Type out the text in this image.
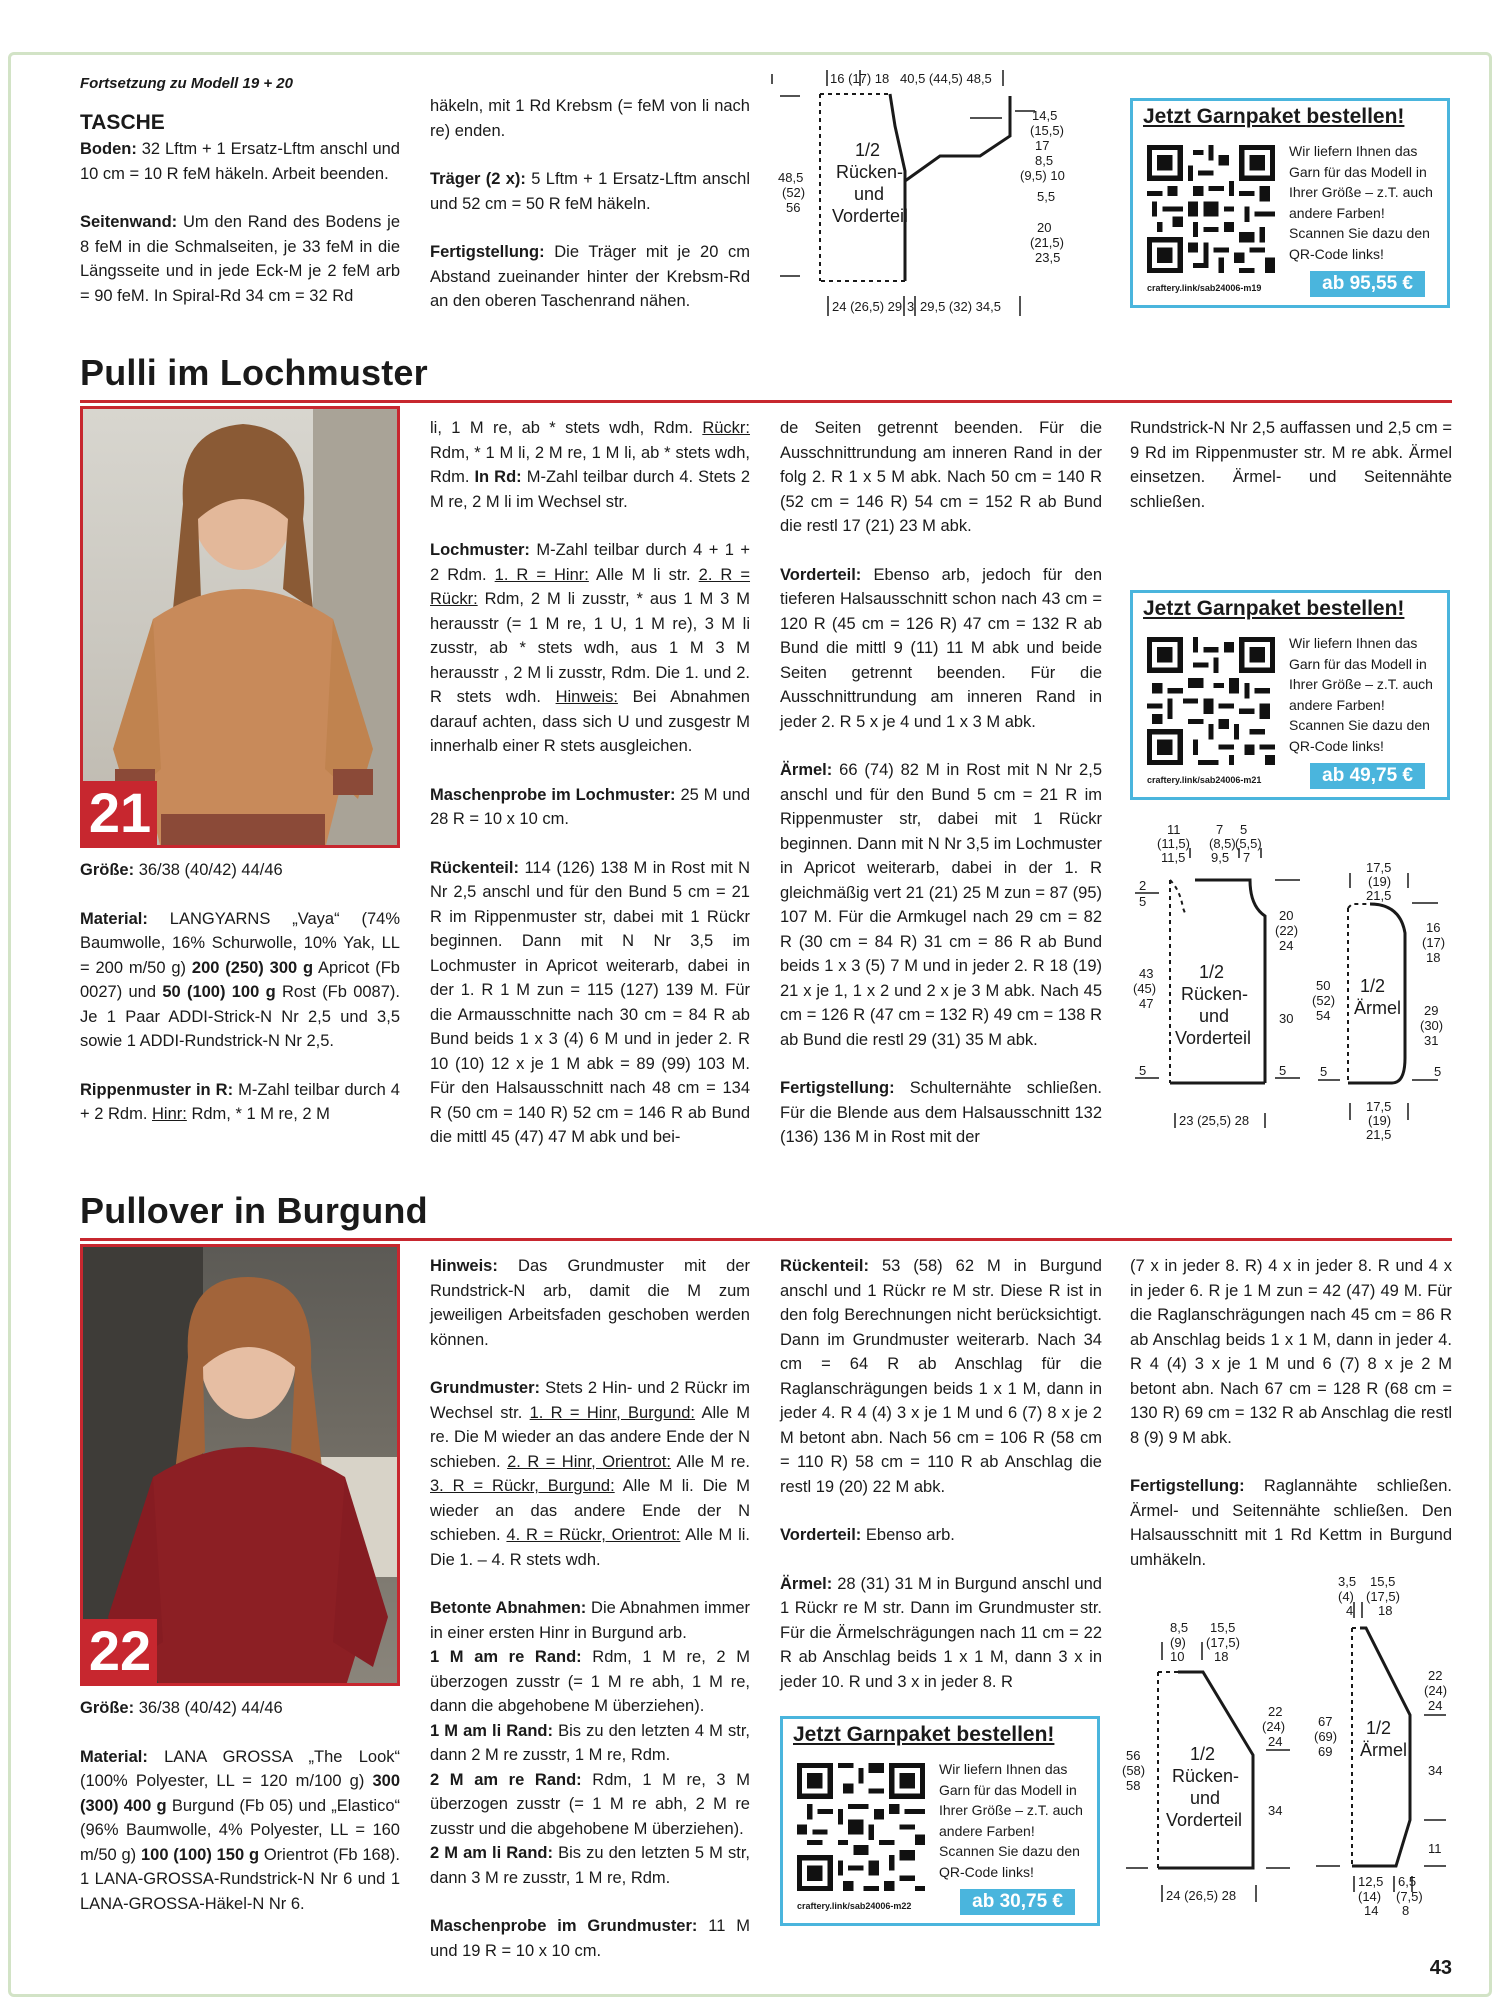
Fortsetzung zu Modell 19 + 20
TASCHE

Boden: 32 Lftm + 1 Ersatz-Lftm anschl und 10 cm = 10 R feM häkeln. Arbeit beenden.

Seitenwand: Um den Rand des Bodens je 8 feM in die Schmalseiten, je 33 feM in die Längsseite und in jede Eck-M je 2 feM arb = 90 feM. In Spiral-Rd 34 cm = 32 Rd

häkeln, mit 1 Rd Krebsm (= feM von li nach re) enden.

Träger (2 x): 5 Lftm + 1 Ersatz-Lftm anschl und 52 cm = 50 R feM häkeln.

Fertigstellung: Die Träger mit je 20 cm Abstand zueinander hinter der Krebsm-Rd an den oberen Taschenrand nähen.

16 (17) 18 40,5 (44,5) 48,5
48,5
(52)
56
1/2
Rücken-
und
Vorderteil
14,5
(15,5)
17
8,5
(9,5) 10
5,5
20
(21,5)
23,5
24 (26,5) 29 3 29,5 (32) 34,5
Jetzt Garnpaket bestellen!
Wir liefern Ihnen das Garn für das Modell in Ihrer Größe – z.T. auch andere Farben! Scannen Sie dazu den QR-Code links!
craftery.link/sab24006-m19	ab 95,55 €
Pulli im Lochmuster
21

Größe: 36/38 (40/42) 44/46

Material: LANGYARNS „Vaya“ (74% Baumwolle, 16% Schurwolle, 10% Yak, LL = 200 m/50 g) 200 (250) 300 g Apricot (Fb 0027) und 50 (100) 100 g Rost (Fb 0087). Je 1 Paar ADDI-Strick-N Nr 2,5 und 3,5 sowie 1 ADDI-Rundstrick-N Nr 2,5.

Rippenmuster in R: M-Zahl teilbar durch 4 + 2 Rdm. Hinr: Rdm, * 1 M re, 2 M

li, 1 M re, ab * stets wdh, Rdm. Rückr: Rdm, * 1 M li, 2 M re, 1 M li, ab * stets wdh, Rdm. In Rd: M-Zahl teilbar durch 4. Stets 2 M re, 2 M li im Wechsel str.

Lochmuster: M-Zahl teilbar durch 4 + 1 + 2 Rdm. 1. R = Hinr: Alle M li str. 2. R = Rückr: Rdm, 2 M li zusstr, * aus 1 M 3 M herausstr (= 1 M re, 1 U, 1 M re), 3 M li zusstr, ab * stets wdh, aus 1 M 3 M herausstr , 2 M li zusstr, Rdm. Die 1. und 2. R stets wdh. Hinweis: Bei Abnahmen darauf achten, dass sich U und zusgestr M innerhalb einer R stets ausgleichen.

Maschenprobe im Lochmuster: 25 M und 28 R = 10 x 10 cm.

Rückenteil: 114 (126) 138 M in Rost mit N Nr 2,5 anschl und für den Bund 5 cm = 21 R im Rippenmuster str, dabei mit 1 Rückr beginnen. Dann mit N Nr 3,5 im Lochmuster in Apricot weiterarb, dabei in der 1. R 1 M zun = 115 (127) 139 M. Für die Armausschnitte nach 30 cm = 84 R ab Bund beids 1 x 3 (4) 6 M und in jeder 2. R 10 (10) 12 x je 1 M abk = 89 (99) 103 M. Für den Halsausschnitt nach 48 cm = 134 R (50 cm = 140 R) 52 cm = 146 R ab Bund die mittl 45 (47) 47 M abk und bei-

de Seiten getrennt beenden. Für die Ausschnittrundung am inneren Rand in der folg 2. R 1 x 5 M abk. Nach 50 cm = 140 R (52 cm = 146 R) 54 cm = 152 R ab Bund die restl 17 (21) 23 M abk.

Vorderteil: Ebenso arb, jedoch für den tieferen Halsausschnitt schon nach 43 cm = 120 R (45 cm = 126 R) 47 cm = 132 R ab Bund die mittl 9 (11) 11 M abk und beide Seiten getrennt beenden. Für die Ausschnittrundung am inneren Rand in jeder 2. R 5 x je 4 und 1 x 3 M abk.

Ärmel: 66 (74) 82 M in Rost mit N Nr 2,5 anschl und für den Bund 5 cm = 21 R im Rippenmuster str, dabei mit 1 Rückr beginnen. Dann mit N Nr 3,5 im Lochmuster in Apricot weiterarb, dabei in der 1. R gleichmäßig vert 21 (21) 25 M zun = 87 (95) 107 M. Für die Armkugel nach 29 cm = 82 R (30 cm = 84 R) 31 cm = 86 R ab Bund beids 1 x 3 (5) 7 M und in jeder 2. R 18 (19) 21 x je 1, 1 x 2 und 2 x je 3 M abk. Nach 45 cm = 126 R (47 cm = 132 R) 49 cm = 138 R ab Bund die restl 29 (31) 35 M abk.

Fertigstellung: Schulternähte schließen. Für die Blende aus dem Halsausschnitt 132 (136) 136 M in Rost mit der

Rundstrick-N Nr 2,5 auffassen und 2,5 cm = 9 Rd im Rippenmuster str. M re abk. Ärmel einsetzen. Ärmel- und Seitennähte schließen.

Jetzt Garnpaket bestellen!
Wir liefern Ihnen das Garn für das Modell in Ihrer Größe – z.T. auch andere Farben! Scannen Sie dazu den QR-Code links!
craftery.link/sab24006-m21	ab 49,75 €
11
(11,5)
11,5
7
(8,5)
9,5
5
(5,5)
7
2
5
43
(45)
47
5
1/2
Rücken-
und
Vorderteil
20
(22)
24
30
5
23 (25,5) 28
17,5
(19)
21,5
50
(52)
54
1/2
Ärmel
16
(17)
18
29
(30)
31
5	5
17,5
(19)
21,5
Pullover in Burgund
22

Größe: 36/38 (40/42) 44/46

Material: LANA GROSSA „The Look“ (100% Polyester, LL = 120 m/100 g) 300 (300) 400 g Burgund (Fb 05) und „Elastico“ (96% Baumwolle, 4% Polyester, LL = 160 m/50 g) 100 (100) 150 g Orientrot (Fb 168). 1 LANA-GROSSA-Rundstrick-N Nr 6 und 1 LANA-GROSSA-Häkel-N Nr 6.

Hinweis: Das Grundmuster mit der Rundstrick-N arb, damit die M zum jeweiligen Arbeitsfaden geschoben werden können.

Grundmuster: Stets 2 Hin- und 2 Rückr im Wechsel str. 1. R = Hinr, Burgund: Alle M re. Die M wieder an das andere Ende der N schieben. 2. R = Hinr, Orientrot: Alle M re. 3. R = Rückr, Burgund: Alle M li. Die M wieder an das andere Ende der N schieben. 4. R = Rückr, Orientrot: Alle M li. Die 1. – 4. R stets wdh.

Betonte Abnahmen: Die Abnahmen immer in einer ersten Hinr in Burgund arb.

1 M am re Rand: Rdm, 1 M re, 2 M überzogen zusstr (= 1 M re abh, 1 M re, dann die abgehobene M überziehen).

1 M am li Rand: Bis zu den letzten 4 M str, dann 2 M re zusstr, 1 M re, Rdm.

2 M am re Rand: Rdm, 1 M re, 3 M überzogen zusstr (= 1 M re abh, 2 M re zusstr und die abgehobene M überziehen).

2 M am li Rand: Bis zu den letzten 5 M str, dann 3 M re zusstr, 1 M re, Rdm.

Maschenprobe im Grundmuster: 11 M und 19 R = 10 x 10 cm.

Rückenteil: 53 (58) 62 M in Burgund anschl und 1 Rückr re M str. Diese R ist in den folg Berechnungen nicht berücksichtigt. Dann im Grundmuster weiterarb. Nach 34 cm = 64 R ab Anschlag für die Raglanschrägungen beids 1 x 1 M, dann in jeder 4. R 4 (4) 3 x je 1 M und 6 (7) 8 x je 2 M betont abn. Nach 56 cm = 106 R (58 cm = 110 R) 58 cm = 110 R ab Anschlag die restl 19 (20) 22 M abk.

Vorderteil: Ebenso arb.

Ärmel: 28 (31) 31 M in Burgund anschl und 1 Rückr re M str. Dann im Grundmuster str. Für die Ärmelschrägungen nach 11 cm = 22 R ab Anschlag beids 1 x 1 M, dann 3 x in jeder 10. R und 3 x in jeder 8. R

Jetzt Garnpaket bestellen!
Wir liefern Ihnen das Garn für das Modell in Ihrer Größe – z.T. auch andere Farben! Scannen Sie dazu den QR-Code links!
craftery.link/sab24006-m22	ab 30,75 €

(7 x in jeder 8. R) 4 x in jeder 8. R und 4 x in jeder 6. R je 1 M zun = 42 (47) 49 M. Für die Raglanschrägungen nach 45 cm = 86 R ab Anschlag beids 1 x 1 M, dann in jeder 4. R 4 (4) 3 x je 1 M und 6 (7) 8 x je 2 M betont abn. Nach 67 cm = 128 R (68 cm = 130 R) 69 cm = 132 R ab Anschlag die restl 8 (9) 9 M abk.

Fertigstellung: Raglannähte schließen. Ärmel- und Seitennähte schließen. Den Halsausschnitt mit 1 Rd Kettm in Burgund umhäkeln.

8,5
(9)
10
15,5
(17,5)
18
56
(58)
58
1/2
Rücken-
und
Vorderteil
22
(24)
24
34
24 (26,5) 28
3,5
(4)
4
15,5
(17,5)
18
67
(69)
69
1/2
Ärmel
22
(24)
24
34
11
12,5
(14)
14
6,5
(7,5)
8
43
